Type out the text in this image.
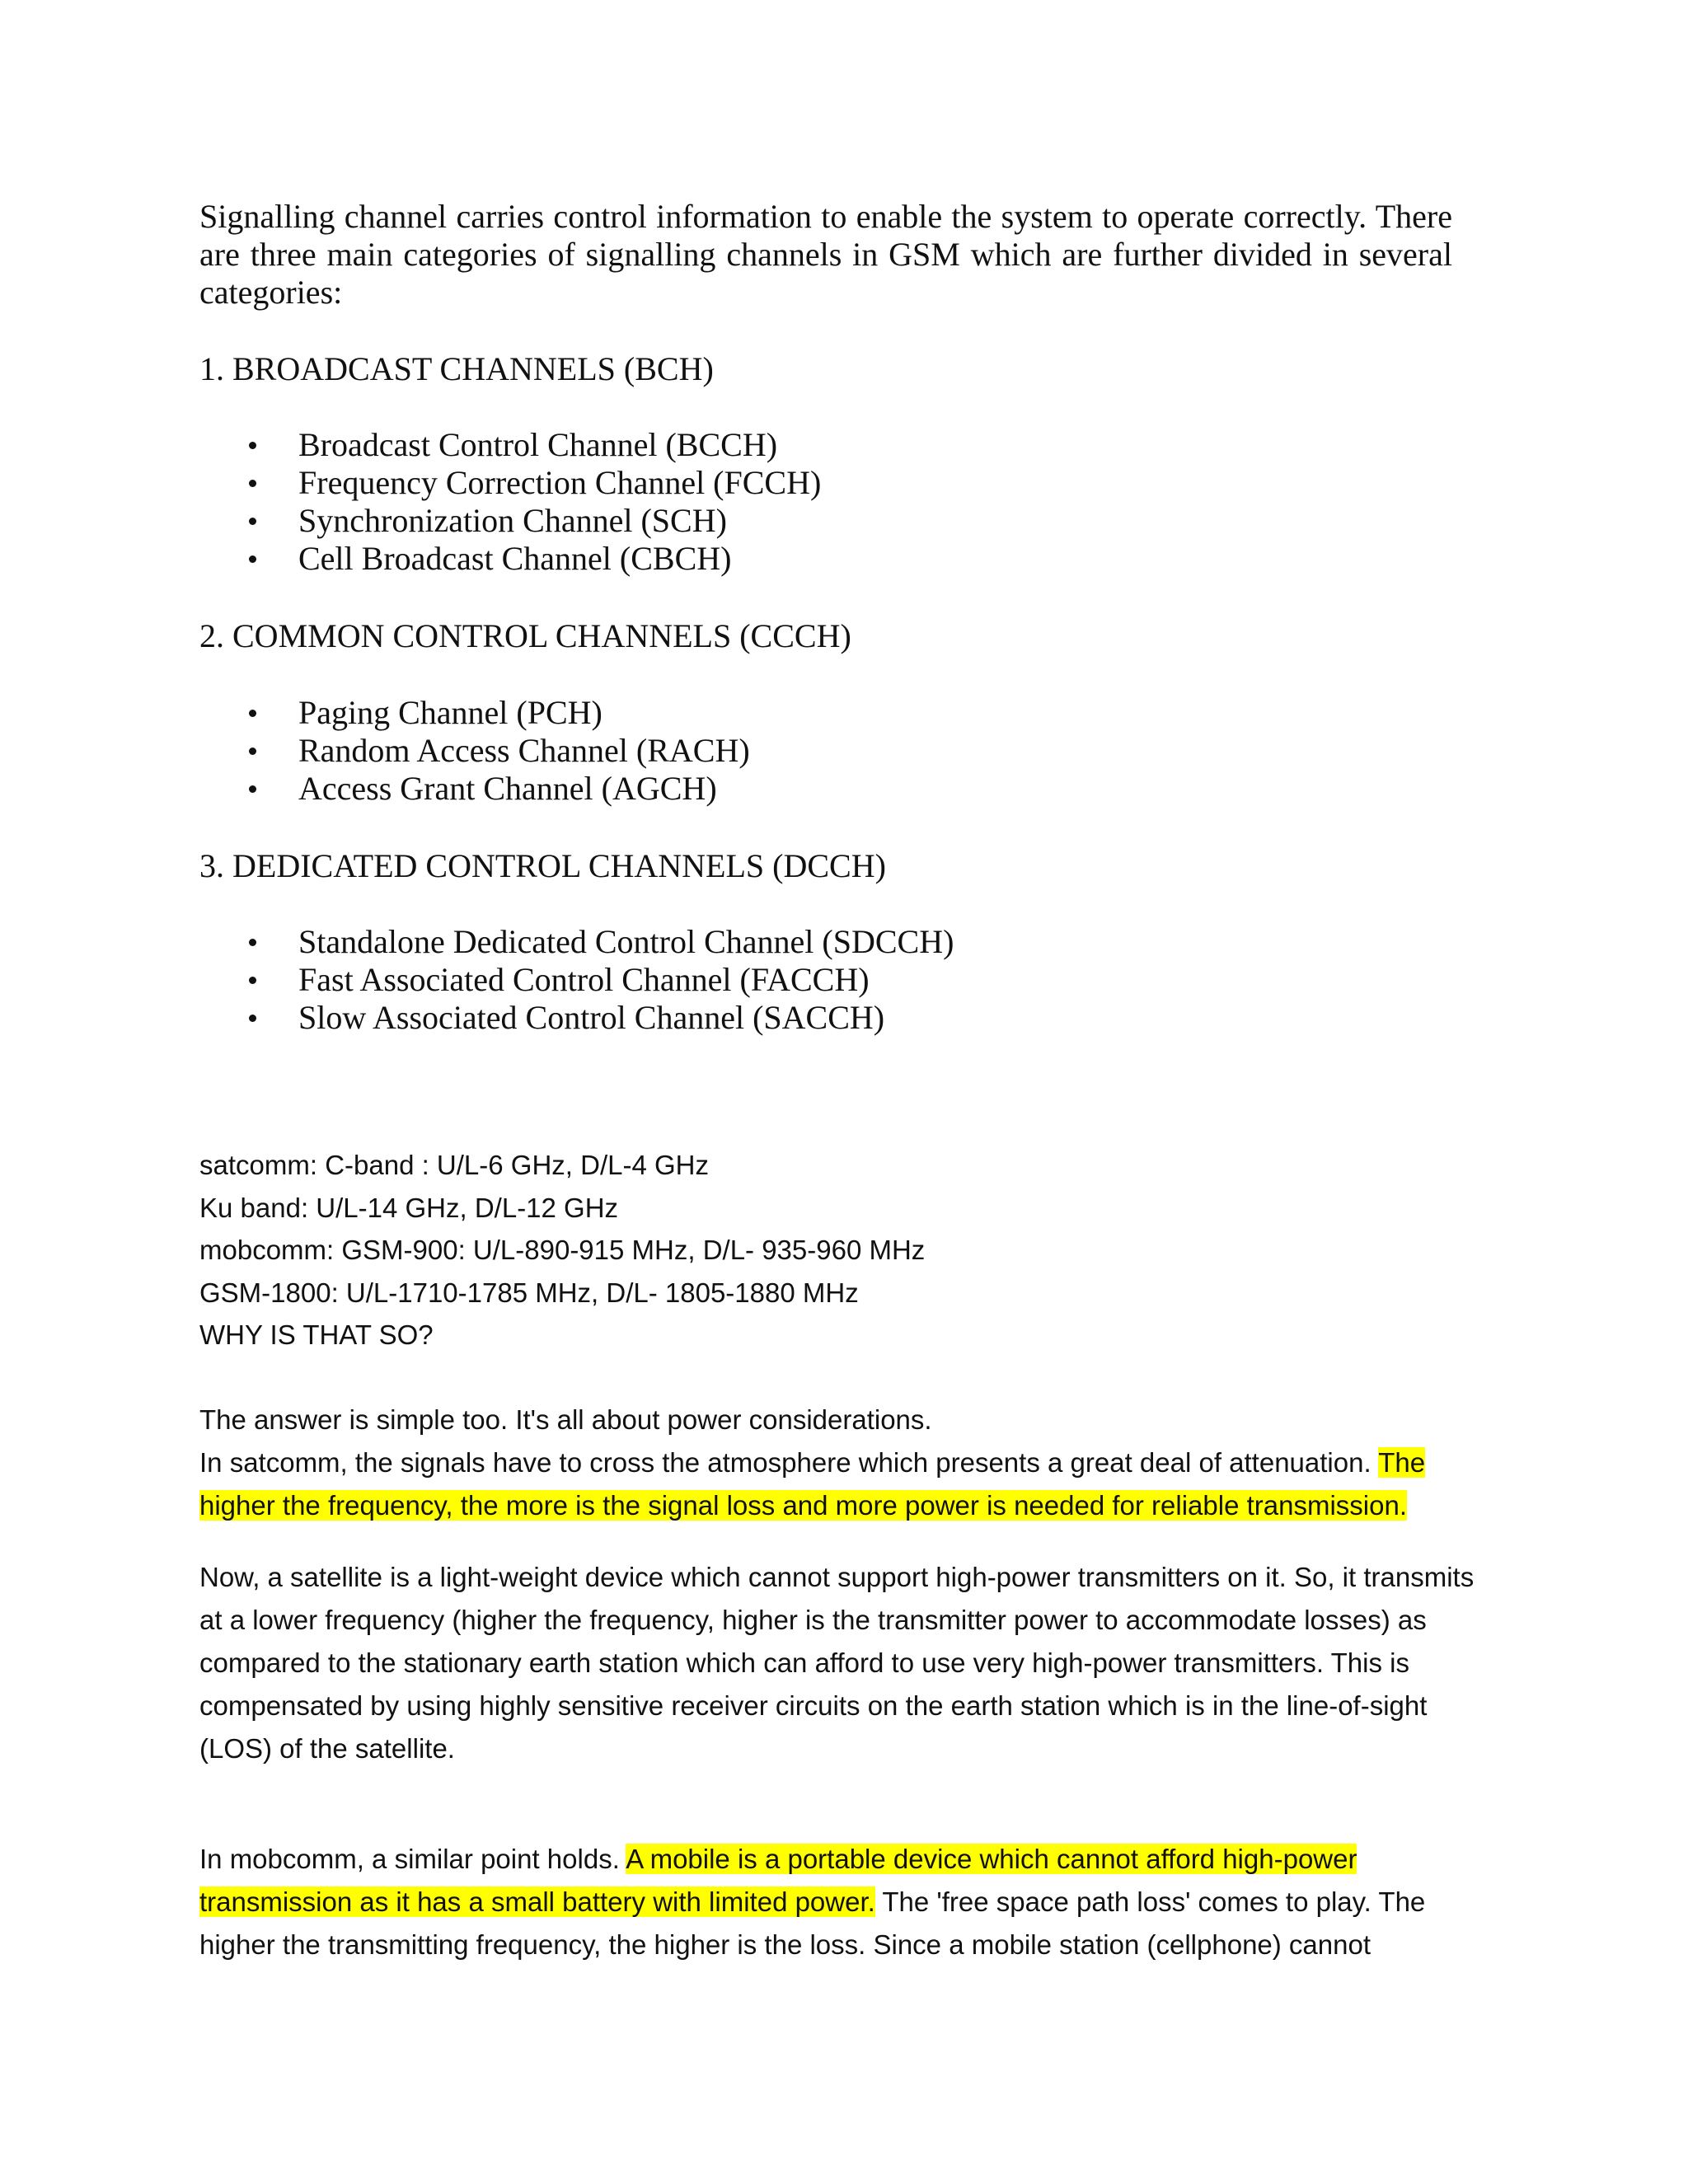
Signalling channel carries control information to enable the system to operate correctly. There are three main categories of signalling channels in GSM which are further divided in several categories:

1. BROADCAST CHANNELS (BCH)

Broadcast Control Channel (BCCH)
Frequency Correction Channel (FCCH)
Synchronization Channel (SCH)
Cell Broadcast Channel (CBCH)

2. COMMON CONTROL CHANNELS (CCCH)

Paging Channel (PCH)
Random Access Channel (RACH)
Access Grant Channel (AGCH)

3. DEDICATED CONTROL CHANNELS (DCCH)

Standalone Dedicated Control Channel (SDCCH)
Fast Associated Control Channel (FACCH)
Slow Associated Control Channel (SACCH)

satcomm: C-band : U/L-6 GHz, D/L-4 GHz

Ku band: U/L-14 GHz, D/L-12 GHz

mobcomm: GSM-900: U/L-890-915 MHz, D/L- 935-960 MHz

GSM-1800: U/L-1710-1785 MHz, D/L- 1805-1880 MHz

WHY IS THAT SO?

The answer is simple too. It's all about power considerations.

In satcomm, the signals have to cross the atmosphere which presents a great deal of attenuation. The higher the frequency, the more is the signal loss and more power is needed for reliable transmission.

Now, a satellite is a light-weight device which cannot support high-power transmitters on it. So, it transmits at a lower frequency (higher the frequency, higher is the transmitter power to accommodate losses) as compared to the stationary earth station which can afford to use very high-power transmitters. This is compensated by using highly sensitive receiver circuits on the earth station which is in the line-of-sight (LOS) of the satellite.

In mobcomm, a similar point holds. A mobile is a portable device which cannot afford high-power transmission as it has a small battery with limited power. The 'free space path loss' comes to play. The higher the transmitting frequency, the higher is the loss. Since a mobile station (cellphone) cannot
